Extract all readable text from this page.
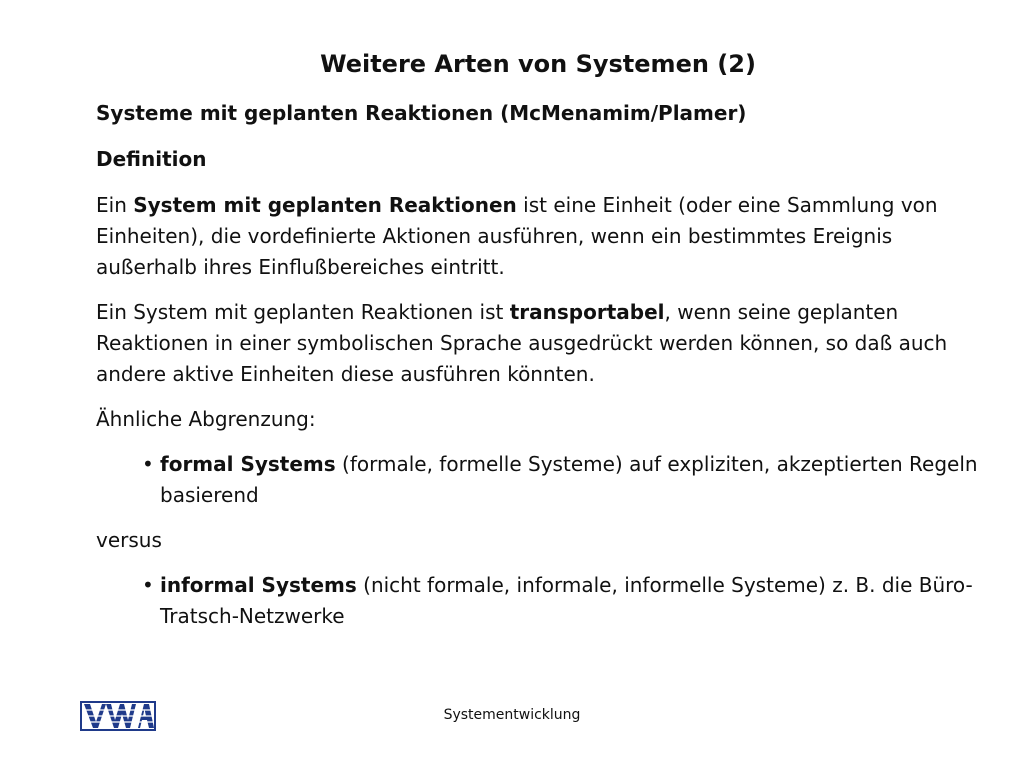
Weitere Arten von Systemen (2)

Systeme mit geplanten Reaktionen (McMenamim/Plamer)

Definition

Ein System mit geplanten Reaktionen ist eine Einheit (oder eine Sammlung von Einheiten), die vordefinierte Aktionen ausführen, wenn ein bestimmtes Ereignis außerhalb ihres Einflußbereiches eintritt.

Ein System mit geplanten Reaktionen ist transportabel, wenn seine geplanten Reaktionen in einer symbolischen Sprache ausgedrückt werden können, so daß auch andere aktive Einheiten diese ausführen könnten.

Ähnliche Abgrenzung:

• formal Systems (formale, formelle Systeme) auf expliziten, akzeptierten Regeln basierend

versus

• informal Systems (nicht formale, informale, informelle Systeme) z. B. die Büro-Tratsch-Netzwerke
Systementwicklung
